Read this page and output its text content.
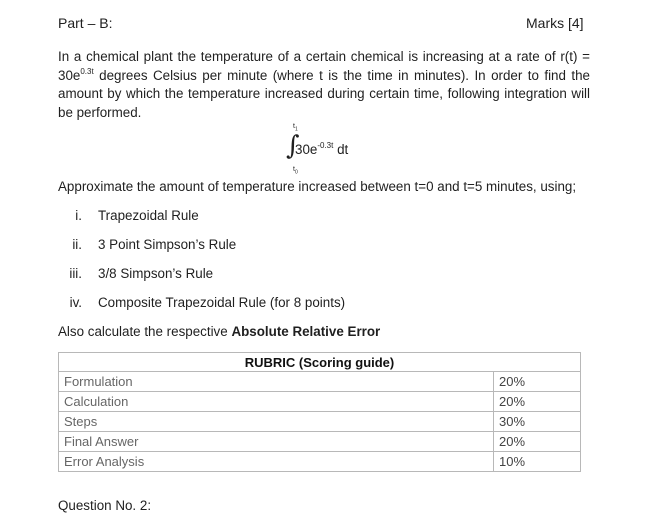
Part – B:	Marks [4]
In a chemical plant the temperature of a certain chemical is increasing at a rate of $r(t) = 30e^{0.3t}$ degrees Celsius per minute (where t is the time in minutes). In order to find the amount by which the temperature increased during certain time, following integration will be performed.
$t_1$
∫
$30e^{-0.3t}$ dt
$t_0$
Approximate the amount of temperature increased between t=0 and t=5 minutes, using;
i. Trapezoidal Rule
ii. 3 Point Simpson’s Rule
iii. 3/8 Simpson’s Rule
iv. Composite Trapezoidal Rule (for 8 points)
Also calculate the respective Absolute Relative Error
RUBRIC (Scoring guide)	
Formulation	20%
Calculation	20%
Steps	30%
Final Answer	20%
Error Analysis	10%
Question No. 2:
